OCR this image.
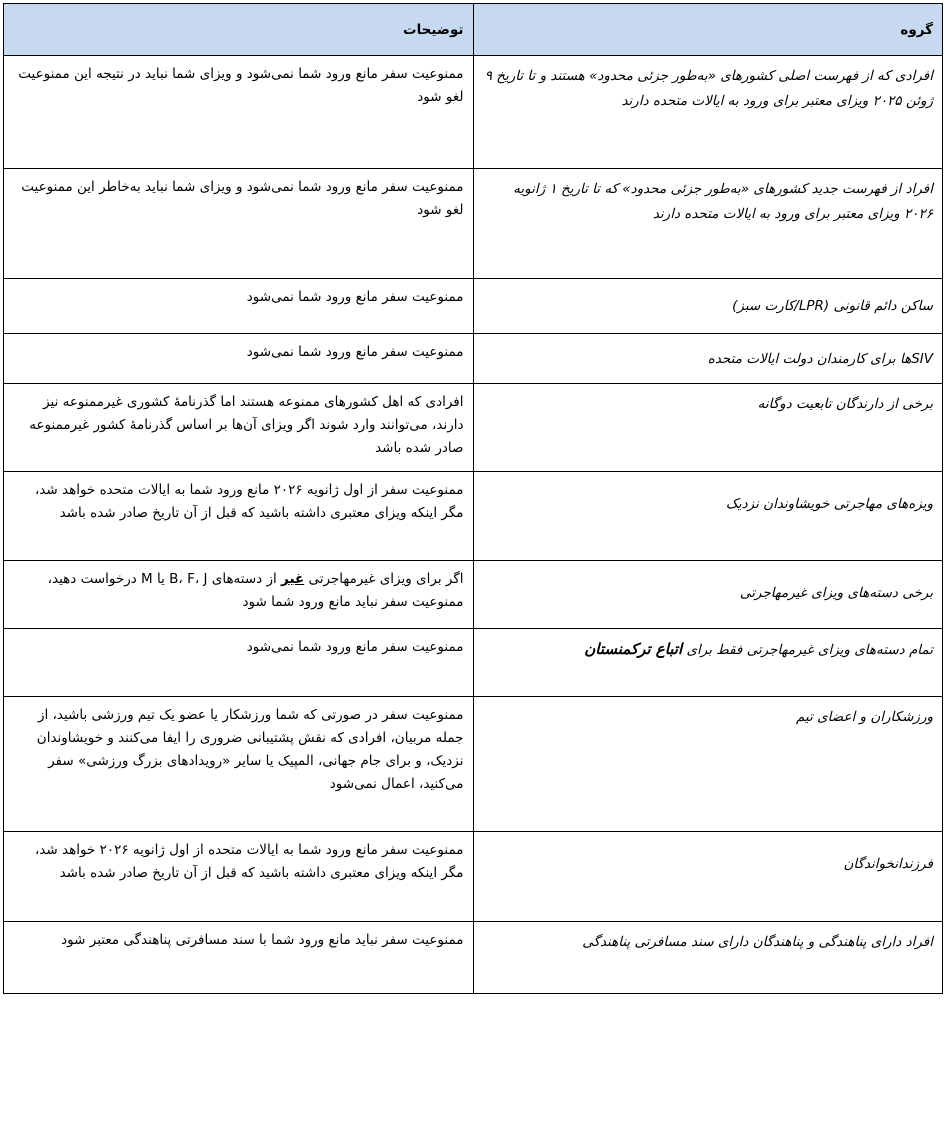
گروه	توضیحات
افرادی که از فهرست اصلی کشورهای «به‌طور جزئی محدود» هستند و تا تاریخ ۹ ژوئن ۲۰۲۵ ویزای معتبر برای ورود به ایالات متحده دارند	ممنوعیت سفر مانع ورود شما نمی‌شود و ویزای شما نباید در نتیجه این ممنوعیت لغو شود
افراد از فهرست جدید کشورهای «به‌طور جزئی محدود» که تا تاریخ ۱ ژانویه ۲۰۲۶ ویزای معتبر برای ورود به ایالات متحده دارند	ممنوعیت سفر مانع ورود شما نمی‌شود و ویزای شما نباید به‌خاطر این ممنوعیت لغو شود
ساکن دائم قانونی (LPR/کارت سبز)	ممنوعیت سفر مانع ورود شما نمی‌شود
SIVها برای کارمندان دولت ایالات متحده	ممنوعیت سفر مانع ورود شما نمی‌شود
برخی از دارندگان تابعیت دوگانه	افرادی که اهل کشورهای ممنوعه هستند اما گذرنامهٔ کشوری غیرممنوعه نیز دارند، می‌توانند وارد شوند اگر ویزای آن‌ها بر اساس گذرنامهٔ کشور غیرممنوعه صادر شده باشد
ویزه‌های مهاجرتی خویشاوندان نزدیک	ممنوعیت سفر از اول ژانویه ۲۰۲۶ مانع ورود شما به ایالات متحده خواهد شد، مگر اینکه ویزای معتبری داشته باشید که قبل از آن تاریخ صادر شده باشد
برخی دسته‌های ویزای غیرمهاجرتی	اگر برای ویزای غیرمهاجرتی غیر از دسته‌های B، F، J یا M درخواست دهید، ممنوعیت سفر نباید مانع ورود شما شود
تمام دسته‌های ویزای غیرمهاجرتی فقط برای اتباع ترکمنستان	ممنوعیت سفر مانع ورود شما نمی‌شود
ورزشکاران و اعضای تیم	ممنوعیت سفر در صورتی که شما ورزشکار یا عضو یک تیم ورزشی باشید، از جمله مربیان، افرادی که نقش پشتیبانی ضروری را ایفا می‌کنند و خویشاوندان نزدیک، و برای جام جهانی، المپیک یا سایر «رویدادهای بزرگ ورزشی» سفر می‌کنید، اعمال نمی‌شود
فرزندانخواندگان	ممنوعیت سفر مانع ورود شما به ایالات متحده از اول ژانویه ۲۰۲۶ خواهد شد، مگر اینکه ویزای معتبری داشته باشید که قبل از آن تاریخ صادر شده باشد
افراد دارای پناهندگی و پناهندگان دارای سند مسافرتی پناهندگی	ممنوعیت سفر نباید مانع ورود شما با سند مسافرتی پناهندگی معتبر شود
